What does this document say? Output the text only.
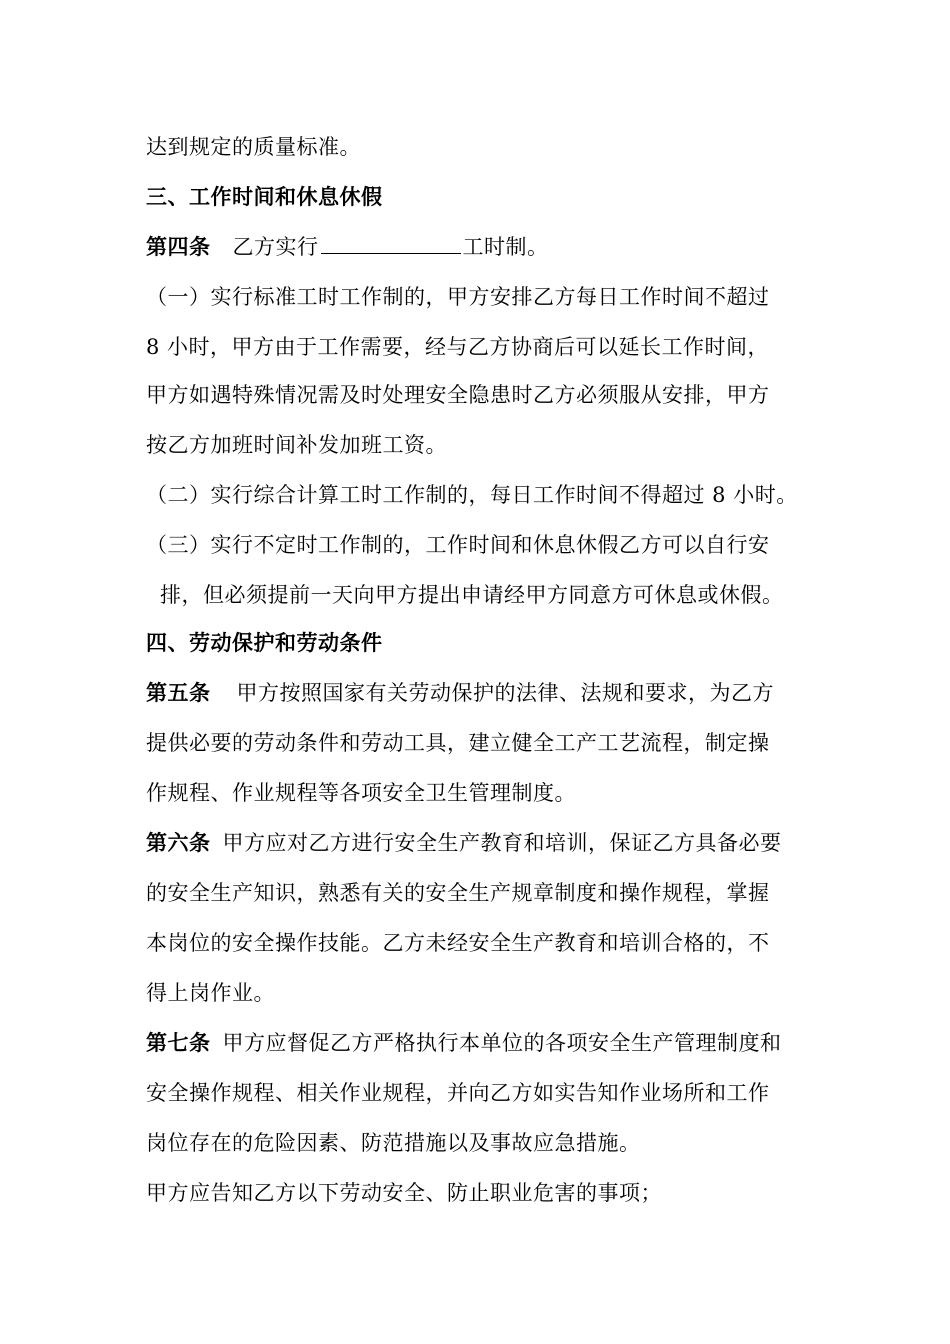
达到规定的质量标准。
三、工作时间和休息休假
第四条 乙方实行	工时制。
（一）实行标准工时工作制的，甲方安排乙方每日工作时间不超过
8 小时，甲方由于工作需要，经与乙方协商后可以延长工作时间，
甲方如遇特殊情况需及时处理安全隐患时乙方必须服从安排，甲方
按乙方加班时间补发加班工资。
（二）实行综合计算工时工作制的，每日工作时间不得超过 8 小时。
（三）实行不定时工作制的，工作时间和休息休假乙方可以自行安
排，但必须提前一天向甲方提出申请经甲方同意方可休息或休假。
四、劳动保护和劳动条件
第五条 甲方按照国家有关劳动保护的法律、法规和要求，为乙方
提供必要的劳动条件和劳动工具，建立健全工产工艺流程，制定操
作规程、作业规程等各项安全卫生管理制度。
第六条 甲方应对乙方进行安全生产教育和培训，保证乙方具备必要
的安全生产知识，熟悉有关的安全生产规章制度和操作规程，掌握
本岗位的安全操作技能。乙方未经安全生产教育和培训合格的，不
得上岗作业。
第七条 甲方应督促乙方严格执行本单位的各项安全生产管理制度和
安全操作规程、相关作业规程，并向乙方如实告知作业场所和工作
岗位存在的危险因素、防范措施以及事故应急措施。
甲方应告知乙方以下劳动安全、防止职业危害的事项；
